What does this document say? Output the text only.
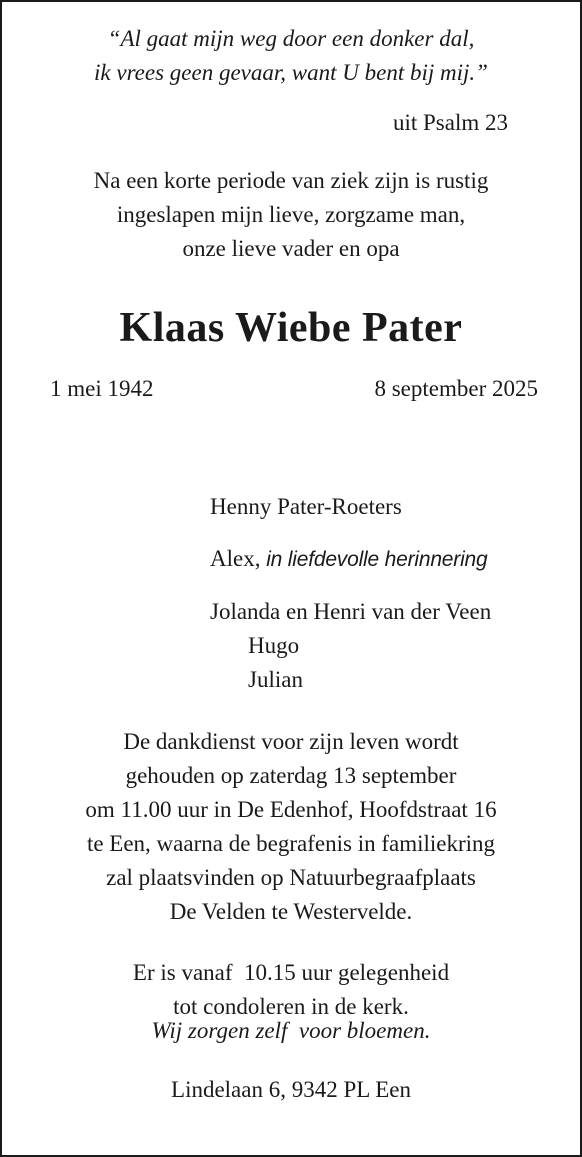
“Al gaat mijn weg door een donker dal,
ik vrees geen gevaar, want U bent bij mij.”
uit Psalm 23
Na een korte periode van ziek zijn is rustig
ingeslapen mijn lieve, zorgzame man,
onze lieve vader en opa
Klaas Wiebe Pater
1 mei 1942	8 september 2025
Henny Pater-Roeters
Alex, in liefdevolle herinnering
Jolanda en Henri van der Veen
Hugo
Julian
De dankdienst voor zijn leven wordt
gehouden op zaterdag 13 september
om 11.00 uur in De Edenhof, Hoofdstraat 16
te Een, waarna de begrafenis in familiekring
zal plaatsvinden op Natuurbegraafplaats
De Velden te Westervelde.
Er is vanaf  10.15 uur gelegenheid
tot condoleren in de kerk.
Wij zorgen zelf  voor bloemen.
Lindelaan 6, 9342 PL Een
